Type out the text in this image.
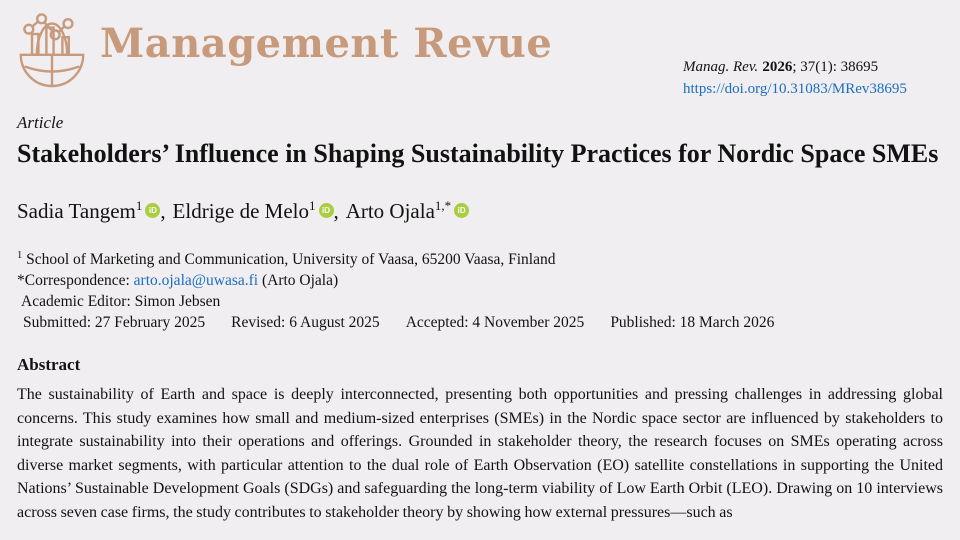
Management Revue	Manag. Rev. 2026; 37(1): 38695
https://doi.org/10.31083/MRev38695
Article
Stakeholders’ Influence in Shaping Sustainability Practices for Nordic Space SMEs
Sadia Tangem$^1$ iD , Eldrige de Melo$^1$ iD , Arto Ojala$^{1,*}$ iD
$^1$ School of Marketing and Communication, University of Vaasa, 65200 Vaasa, Finland
*Correspondence: arto.ojala@uwasa.fi (Arto Ojala)
Academic Editor: Simon Jebsen
Submitted: 27 February 2025 Revised: 6 August 2025 Accepted: 4 November 2025 Published: 18 March 2026
Abstract

The sustainability of Earth and space is deeply interconnected, presenting both opportunities and pressing challenges in addressing global concerns. This study examines how small and medium-sized enterprises (SMEs) in the Nordic space sector are influenced by stakeholders to integrate sustainability into their operations and offerings. Grounded in stakeholder theory, the research focuses on SMEs operating across diverse market segments, with particular attention to the dual role of Earth Observation (EO) satellite constellations in supporting the United Nations’ Sustainable Development Goals (SDGs) and safeguarding the long-term viability of Low Earth Orbit (LEO). Drawing on 10 interviews across seven case firms, the study contributes to stakeholder theory by showing how external pressures—such as
